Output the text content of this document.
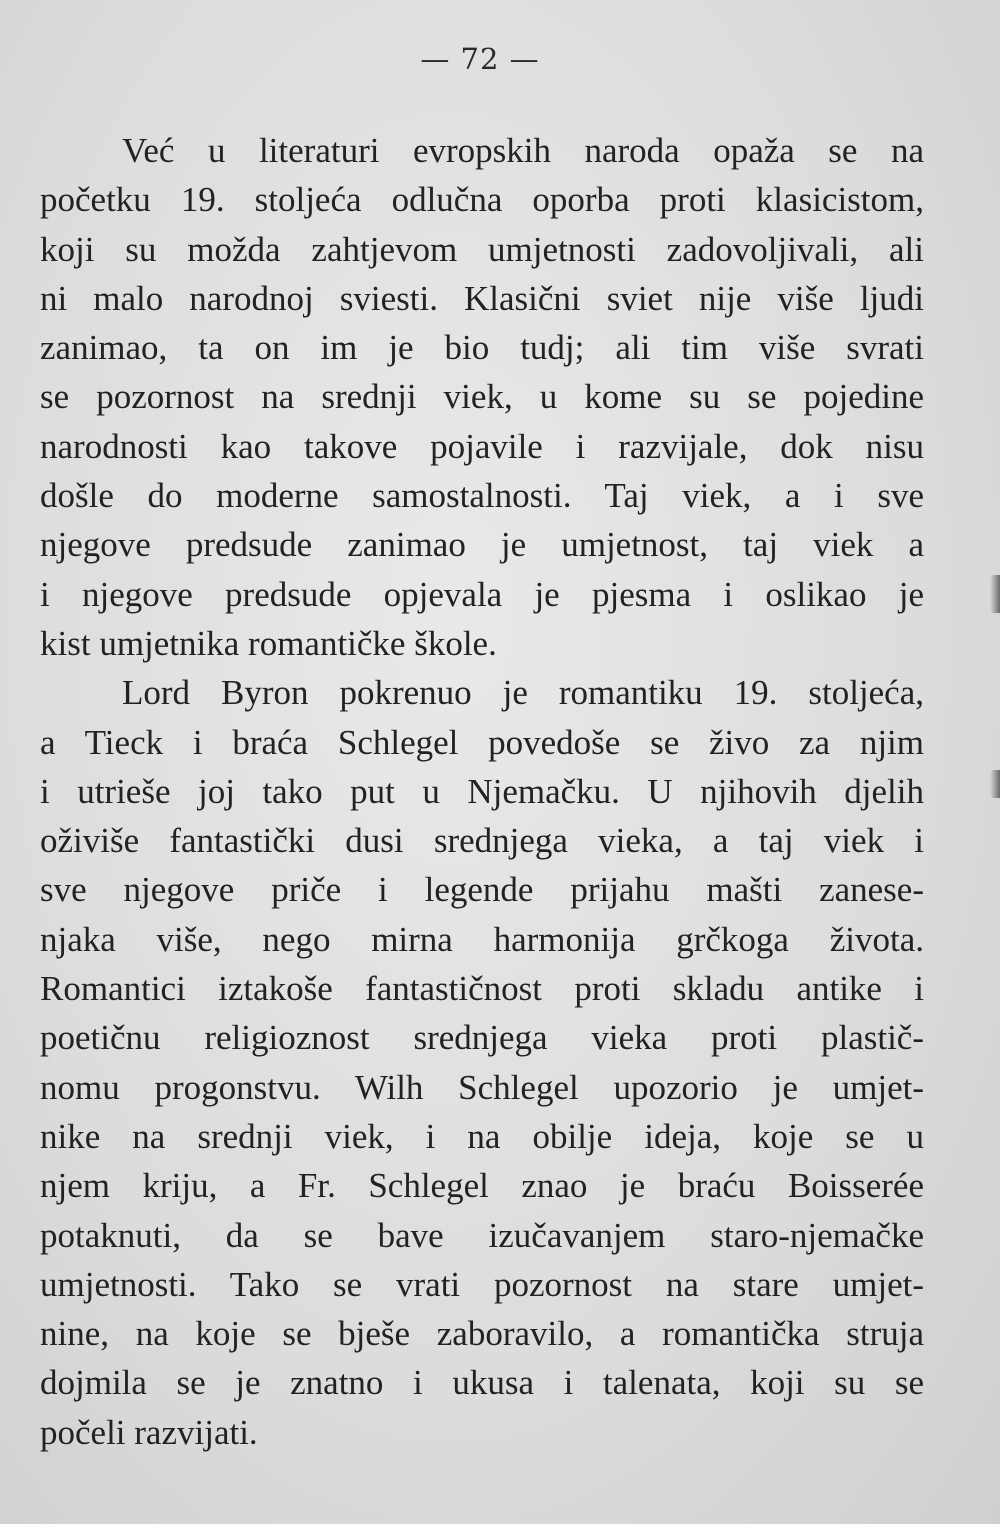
— 72 —
Već u literaturi evropskih naroda opaža se na
početku 19. stoljeća odlučna oporba proti klasicistom,
koji su možda zahtjevom umjetnosti zadovoljivali, ali
ni malo narodnoj sviesti. Klasični sviet nije više ljudi
zanimao, ta on im je bio tudj; ali tim više svrati
se pozornost na srednji viek, u kome su se pojedine
narodnosti kao takove pojavile i razvijale, dok nisu
došle do moderne samostalnosti. Taj viek, a i sve
njegove predsude zanimao je umjetnost, taj viek a
i njegove predsude opjevala je pjesma i oslikao je
kist umjetnika romantičke škole.
Lord Byron pokrenuo je romantiku 19. stoljeća,
a Tieck i braća Schlegel povedoše se živo za njim
i utrieše joj tako put u Njemačku. U njihovih djelih
oživiše fantastički dusi srednjega vieka, a taj viek i
sve njegove priče i legende prijahu mašti zanese-
njaka više, nego mirna harmonija grčkoga života.
Romantici iztakoše fantastičnost proti skladu antike i
poetičnu religioznost srednjega vieka proti plastič-
nomu progonstvu. Wilh Schlegel upozorio je umjet-
nike na srednji viek, i na obilje ideja, koje se u
njem kriju, a Fr. Schlegel znao je braću Boisserée
potaknuti, da se bave izučavanjem staro-njemačke
umjetnosti. Tako se vrati pozornost na stare umjet-
nine, na koje se bješe zaboravilo, a romantička struja
dojmila se je znatno i ukusa i talenata, koji su se
počeli razvijati.
